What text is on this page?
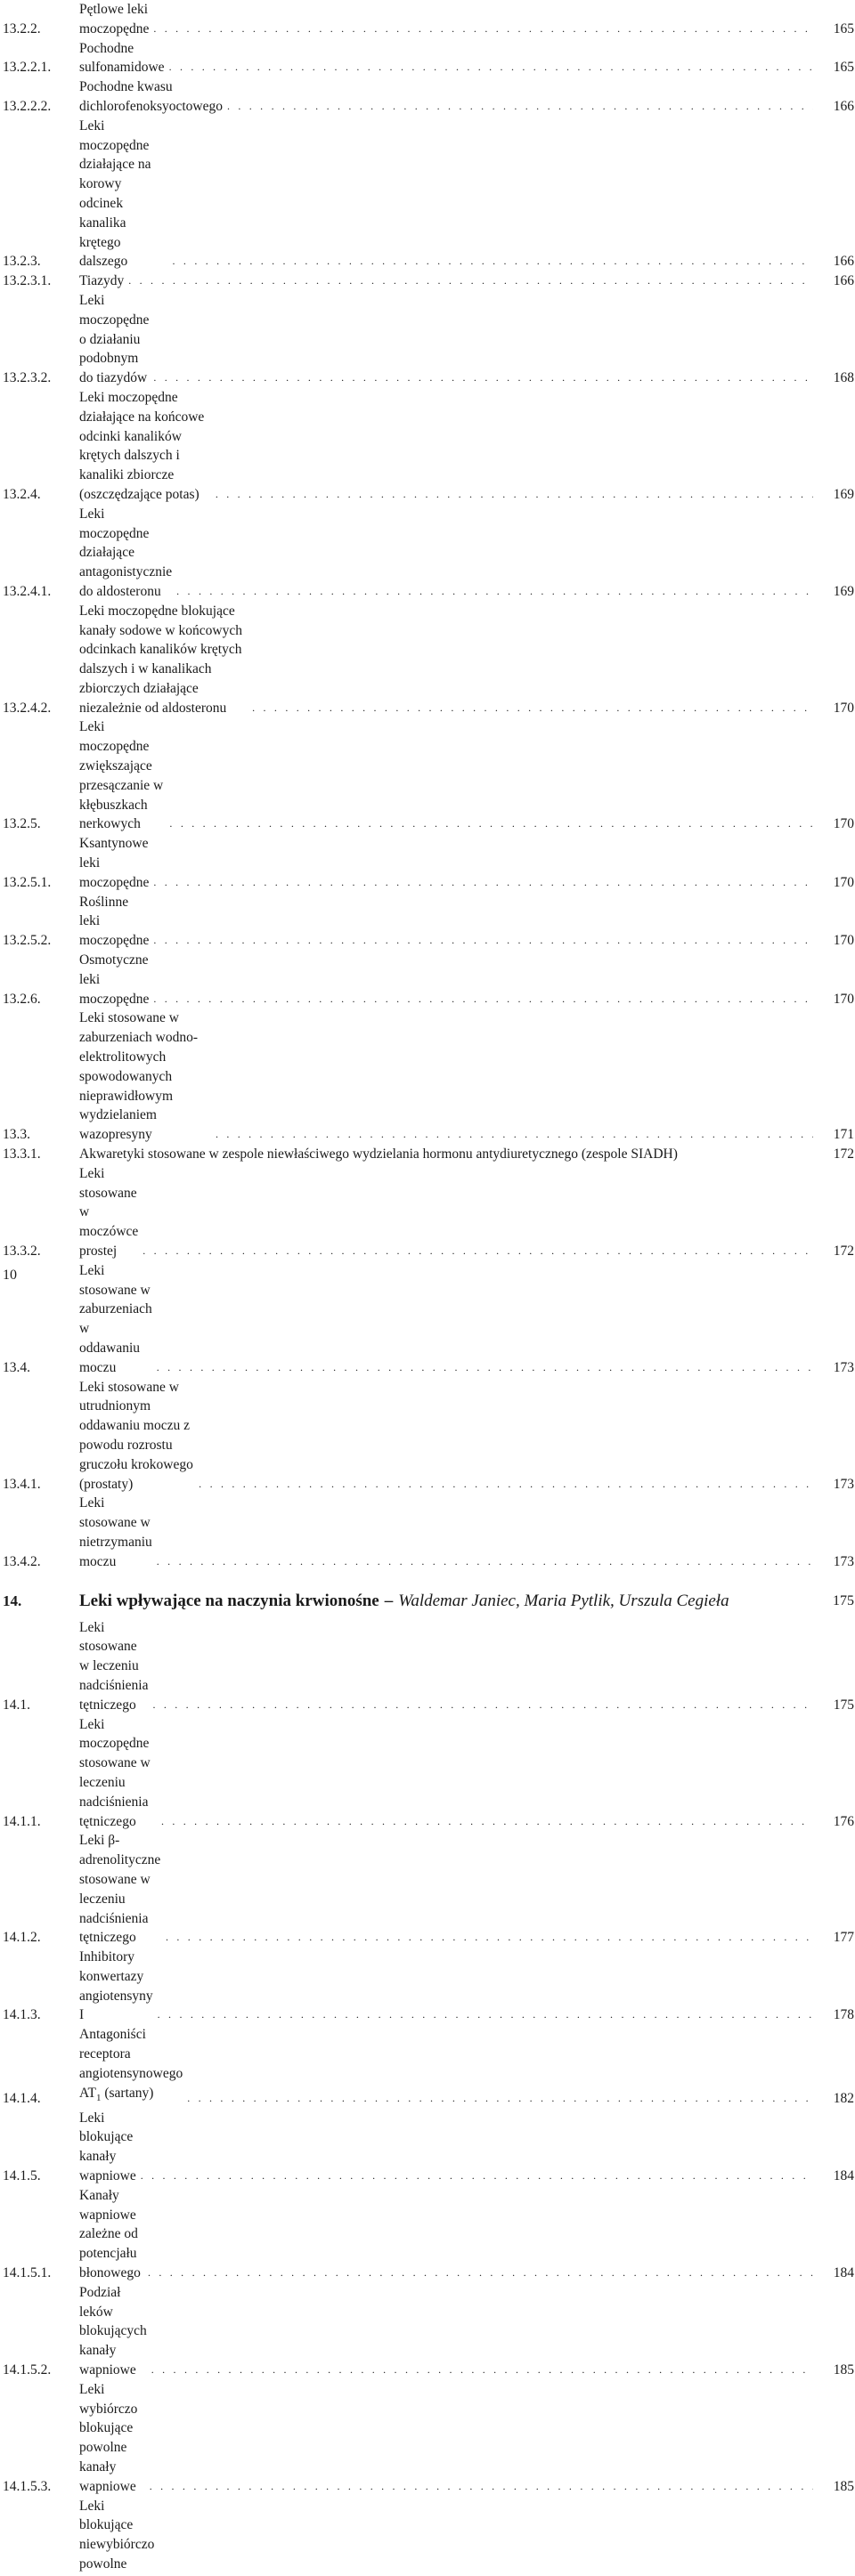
13.2.2.
Pętlowe leki moczopędne . . .	165
13.2.2.1.
Pochodne sulfonamidowe . . .	165
13.2.2.2.
Pochodne kwasu dichlorofenoksyoctowego . . .	166
13.2.3.
Leki moczopędne działające na korowy odcinek kanalika krętego dalszego . . .	166
13.2.3.1.	Tiazydy . . .	166
13.2.3.2.
Leki moczopędne o działaniu podobnym do tiazydów . . .	168
13.2.4.
Leki moczopędne działające na końcowe odcinki kanalików krętych dalszych i kanaliki zbiorcze (oszczędzające potas) . . .	169
13.2.4.1.
Leki moczopędne działające antagonistycznie do aldosteronu . . .	169
13.2.4.2.
Leki moczopędne blokujące kanały sodowe w końcowych odcinkach kanalików krętych dalszych i w kanalikach zbiorczych działające niezależnie od aldosteronu . . .	170
13.2.5.
Leki moczopędne zwiększające przesączanie w kłębuszkach nerkowych . . .	170
13.2.5.1.
Ksantynowe leki moczopędne . . .	170
13.2.5.2.
Roślinne leki moczopędne . . .	170
13.2.6.
Osmotyczne leki moczopędne . . .	170
13.3.
Leki stosowane w zaburzeniach wodno-elektrolitowych spowodowanych nieprawidłowym wydzielaniem wazopresyny . . .	171
13.3.1.	Akwaretyki stosowane w zespole niewłaściwego wydzielania hormonu antydiuretycznego (zespole SIADH)	172
13.3.2.
Leki stosowane w moczówce prostej . . .	172
13.4.
Leki stosowane w zaburzeniach w oddawaniu moczu . . .	173
13.4.1.
Leki stosowane w utrudnionym oddawaniu moczu z powodu rozrostu gruczołu krokowego (prostaty) . . .	173
13.4.2.
Leki stosowane w nietrzymaniu moczu . . .	173
14.	Leki wpływające na naczynia krwionośne – Waldemar Janiec, Maria Pytlik, Urszula Cegieła	175
14.1.
Leki stosowane w leczeniu nadciśnienia tętniczego . . .	175
14.1.1.
Leki moczopędne stosowane w leczeniu nadciśnienia tętniczego . . .	176
14.1.2.
Leki β-adrenolityczne stosowane w leczeniu nadciśnienia tętniczego . . .	177
14.1.3.
Inhibitory konwertazy angiotensyny I . . .	178
14.1.4.
Antagoniści receptora angiotensynowego $AT_1$ (sartany) . . .	182
14.1.5.
Leki blokujące kanały wapniowe . . .	184
14.1.5.1.
Kanały wapniowe zależne od potencjału błonowego . . .	184
14.1.5.2.
Podział leków blokujących kanały wapniowe . . .	185
14.1.5.3.
Leki wybiórczo blokujące powolne kanały wapniowe . . .	185
Leki blokujące niewybiórczo powolne
10
